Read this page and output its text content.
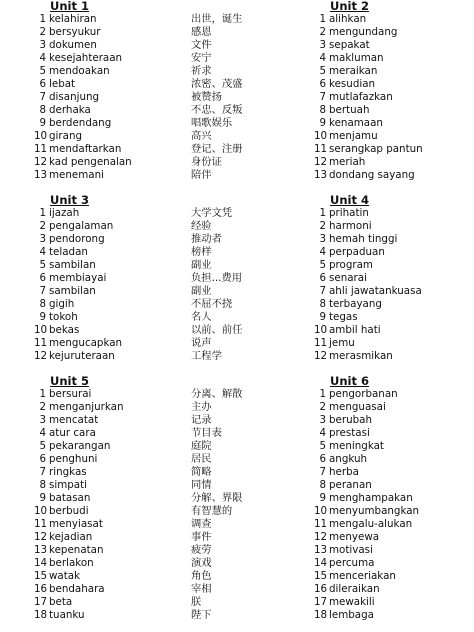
Unit 1
1 kelahiran	出世，诞生
2 bersyukur	感恩
3 dokumen	文件
4 kesejahteraan	安宁
5 mendoakan	祈求
6 lebat	浓密、茂盛
7 disanjung	被赞扬
8 derhaka	不忠、反叛
9 berdendang	唱歌娱乐
10 girang	高兴
11 mendaftarkan	登记、注册
12 kad pengenalan	身份证
13 menemani	陪伴
Unit 2
1 alihkan
2 mengundang
3 sepakat
4 makluman
5 meraikan
6 kesudian
7 mutlafazkan
8 bertuah
9 kenamaan
10 menjamu
11 serangkap pantun
12 meriah
13 dondang sayang
Unit 3
1 ijazah	大学文凭
2 pengalaman	经验
3 pendorong	推动者
4 teladan	榜样
5 sambilan	副业
6 membiayai	负担...费用
7 sambilan	副业
8 gigih	不屈不挠
9 tokoh	名人
10 bekas	以前、前任
11 mengucapkan	说声
12 kejuruteraan	工程学
Unit 4
1 prihatin
2 harmoni
3 hemah tinggi
4 perpaduan
5 program
6 senarai
7 ahli jawatankuasa
8 terbayang
9 tegas
10 ambil hati
11 jemu
12 merasmikan
Unit 5
1 bersurai	分离、解散
2 menganjurkan	主办
3 mencatat	记录
4 atur cara	节目表
5 pekarangan	庭院
6 penghuni	居民
7 ringkas	简略
8 simpati	同情
9 batasan	分解、界限
10 berbudi	有智慧的
11 menyiasat	调查
12 kejadian	事件
13 kepenatan	疲劳
14 berlakon	演戏
15 watak	角色
16 bendahara	宰相
17 beta	朕
18 tuanku	陛下
Unit 6
1 pengorbanan
2 menguasai
3 berubah
4 prestasi
5 meningkat
6 angkuh
7 herba
8 peranan
9 menghampakan
10 menyumbangkan
11 mengalu-alukan
12 menyewa
13 motivasi
14 percuma
15 menceriakan
16 dileraikan
17 mewakili
18 lembaga
